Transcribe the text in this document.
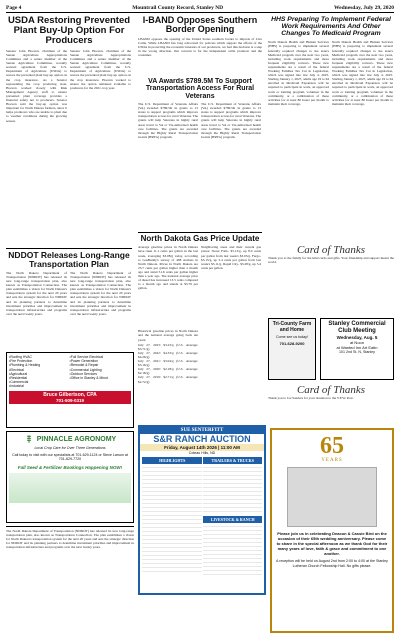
Page 4	Mountrail County Record, Stanley ND	Wednesday, July 29, 2020
USDA Restoring Prevented Plant Buy-Up Option For Producers
Senator John Hoeven, chairman of the Senate Agriculture Appropriations Committee and a senior member of the Senate Agriculture Committee, recently secured agreement from the U.S. Department of Agriculture (USDA) to restore the prevented plant buy-up option on the crop insurance. As a Senator representing the crop producing state, Hoeven worked closely with Risk Management Agency staff to ensure prevented plant coverage provides a financial safety net to producers. Senator Hoeven said the buy-up option was important for North Dakota farmers, since it helps producers who are unable to plant due to weather conditions during the growing season.
Senator John Hoeven, chairman of the Senate Agriculture Appropriations Committee and a senior member of the Senate Agriculture Committee, recently secured agreement from the U.S. Department of Agriculture (USDA) to restore the prevented plant buy-up option on the crop insurance. Hoeven worked to ensure the option remained available to producers for the 2021 crop year.
I-BAND Opposes Southern Border Opening
I-BAND opposes the opening of the United States southern border to imports of Live Cattle. While I-BAND has long advocated for policies which support the efforts of the USDA in protecting the economic interests of our producers, we feel this decision is a step in the wrong direction. Our concern is for the independent cattle producer and the consumer.
VA Awards $789.5M To Support Transportation Access For Rural Veterans
The U.S. Department of Veterans Affairs (VA) awarded $789.5K in grants to 13 states to support programs which improve transportation access for rural Veterans. The grants will help Veterans in highly rural areas travel to VA or VA-authorized health care facilities. The grants are awarded through the Highly Rural Transportation Grants (HRTG) program.
The U.S. Department of Veterans Affairs (VA) awarded $789.5K in grants to 13 states to support programs which improve transportation access for rural Veterans. The grants will help Veterans in highly rural areas travel to VA or VA-authorized health care facilities. The grants are awarded through the Highly Rural Transportation Grants (HRTG) program.
HHS Preparing To Implement Federal Work Requirements And Other Changes To Medicaid Program
North Dakota Health and Human Services (HHS) is preparing to implement several federally required changes to the state's Medicaid program over the next two years, including work requirements and more frequent eligibility reviews. These new requirements are a result of the federal Working Families Tax Cut in Legislation, which was signed into law July 4, 2025. Starting January 1, 2027, adults age 19 to 64 enrolled in Medicaid Expansion will be required to participate in work, an approved work or training program, volunteer in the community, or a combination of these activities for at least 80 hours per month to maintain their coverage.
North Dakota Health and Human Services (HHS) is preparing to implement several federally required changes to the state's Medicaid program over the next two years, including work requirements and more frequent eligibility reviews. These new requirements are a result of the federal Working Families Tax Cut in Legislation, which was signed into law July 4, 2025. Starting January 1, 2027, adults age 19 to 64 enrolled in Medicaid Expansion will be required to participate in work, an approved work or training program, volunteer in the community, or a combination of these activities for at least 80 hours per month to maintain their coverage.
North Dakota Gas Price Update
Average gasoline prices in North Dakota have risen 11.1 cents per gallon in the last week, averaging $3.08/g today, according to GasBuddy's survey of 408 stations in North Dakota. Prices in North Dakota are 25.7 cents per gallon higher than a month ago and stand 51.6 cents per gallon higher than a year ago. The national average price of diesel has increased 13.5 cents compared to a month ago and stands at $3.79 per gallon.
Historical gasoline prices in North Dakota and the national average going back ten years:
July 27, 2023: $3.23/g (U.S. Average: $3.71/g)
July 27, 2022: $4.33/g (U.S. Average: $4.26/g)
July 27, 2021: $3.04/g (U.S. Average: $3.16/g)
July 27, 2020: $2.18/g (U.S. Average: $2.18/g)
July 27, 2019: $2.71/g (U.S. Average: $2.72/g)
Neighboring areas and their current gas prices: Sioux Falls- $3.13/g, up 8.0 cents per gallon from last week's $3.05/g. Fargo- $3.15/g, up 3.4 cents per gallon from last week's $3.11/g. Rapid City- $3.28/g, up 5.4 cents per gallon.
NDDOT Releases Long-Range Transportation Plan
The North Dakota Department of Transportation (NDDOT) has released its new long-range transportation plan, also known as Transportation Connection. The plan establishes a vision for North Dakota's transportation system for the next 20 years and sets the strategic direction for NDDOT and its planning partners to determine investment priorities and improvement in transportation infrastructure and programs over the next twenty years.
The North Dakota Department of Transportation (NDDOT) has released its new long-range transportation plan, also known as Transportation Connection. The plan establishes a vision for North Dakota's transportation system for the next 20 years and sets the strategic direction for NDDOT and its planning partners to determine investment priorities and improvement in transportation infrastructure and programs over the next twenty years.
Card of Thanks
Thank you to the family for the kind cards and gifts. Your friendship and support meant the world.
Stanley Commercial Club Meeting
Wednesday, Aug. 5
at Noon
at Wanted Inn Art Eatin
101 2nd St. N, Stanley
Tri-County Farm and Home
Come see us today!
701-628-9200
Card of Thanks
Thank you to Joe Sanders for your donation to the V.F.W. Post.
• Roofing HVAC
• Fire Protection
• Plumbing & Heating
• Electrical
• Agricultural
• Residential
• Commercial
• Industrial
• Full Service Electrical
• Power Generation
• Remodel & Repair
• Commercial Lighting
• Outdoor Services
• Office in Stanley & Minot
Bruce Gilbertson, CPA
701-509-0319
PINNACLE AGRONOMY
Local Crop Care for Over Three Generations
Call today to visit with our specialists at 701-629-1124 or Steve Larson at 701-629-7720
Fall Seed & Fertilizer Bookings Happening NOW!
SUE SENTERFITT
S&R RANCH AUCTION
Friday, August 14th 2026 | 11:00 AM
Coteau Hills, ND
HIGHLIGHTS	TRAILERS & TRUCKS
LIVESTOCK & RANCH
65
YEARS
Please join us in celebrating Deacon & Cassie Bird on the occasion of their 65th wedding anniversary. Please come to share in the special afternoon as we thank God for their many years of love, faith & grace and commitment to one another.
A reception will be held on August 2nd from 2:00 to 4:00 at the Stanley Lutheran Church Fellowship Hall. No gifts please.
The North Dakota Department of Transportation (NDDOT) has released its new long-range transportation plan, also known as Transportation Connection. The plan establishes a vision for North Dakota's transportation system for the next 20 years and sets the strategic direction for NDDOT and its planning partners to determine investment priorities and improvement in transportation infrastructure and programs over the next twenty years.
